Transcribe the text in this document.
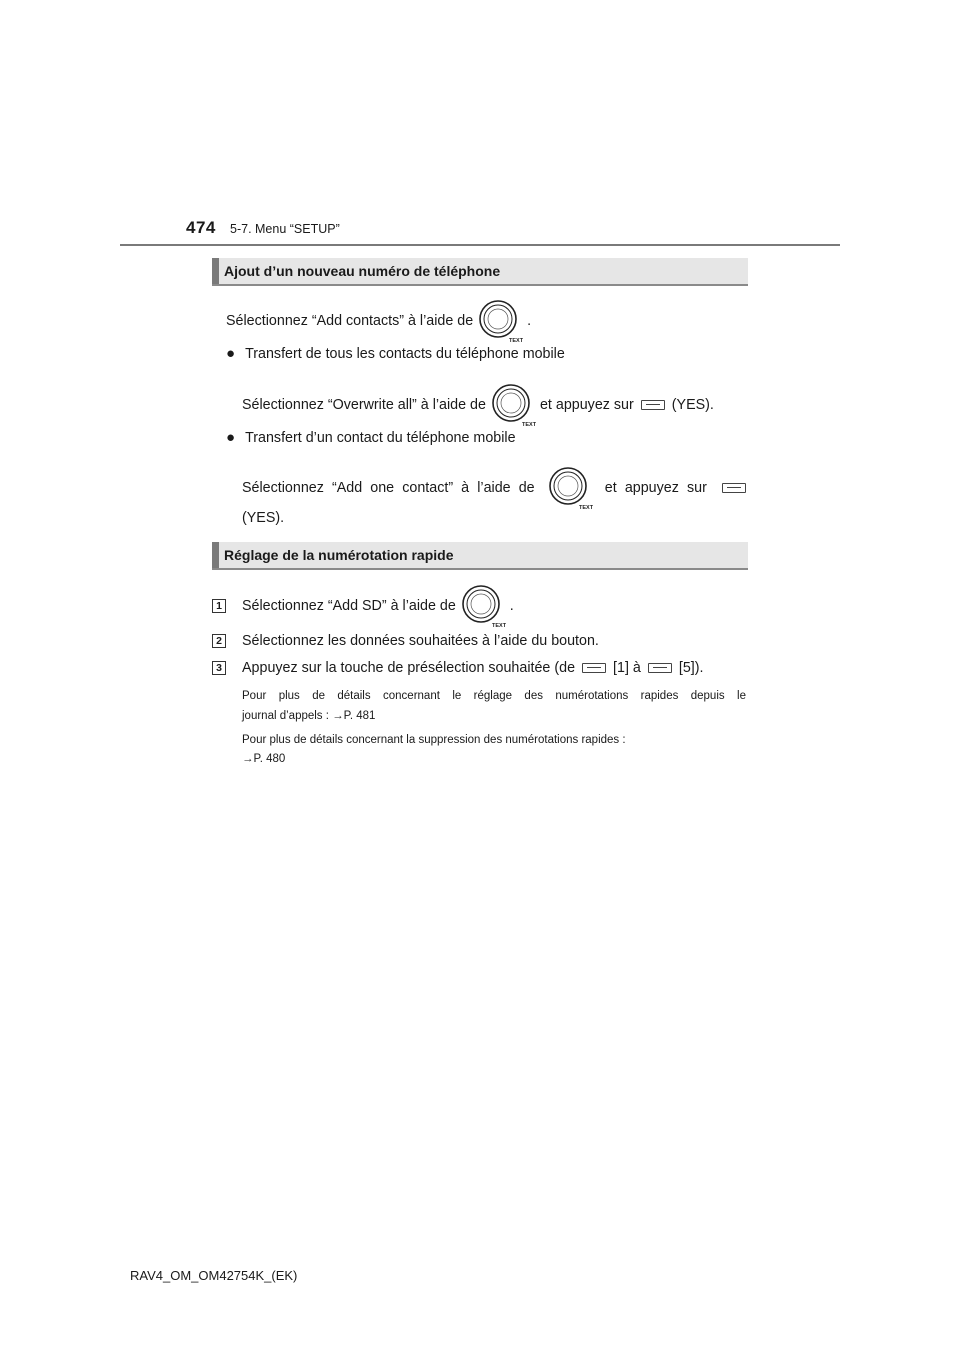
474 5-7. Menu “SETUP”
Ajout d’un nouveau numéro de téléphone
Sélectionnez “Add contacts” à l’aide de

TEXT

.
● Transfert de tous les contacts du téléphone mobile
Sélectionnez “Overwrite all” à l’aide de

TEXT

et appuyez sur	(YES).
● Transfert d’un contact du téléphone mobile
Sélectionnez “Add one contact” à l’aide de

TEXT

et appuyez sur
(YES).
Réglage de la numérotation rapide
1 Sélectionnez “Add SD” à l’aide de

TEXT

.
2 Sélectionnez les données souhaitées à l’aide du bouton.
3 Appuyez sur la touche de présélection souhaitée (de	[1] à	[5]).
Pour plus de détails concernant le réglage des numérotations rapides depuis le
journal d’appels : →P. 481
Pour plus de détails concernant la suppression des numérotations rapides :
→P. 480
RAV4_OM_OM42754K_(EK)
